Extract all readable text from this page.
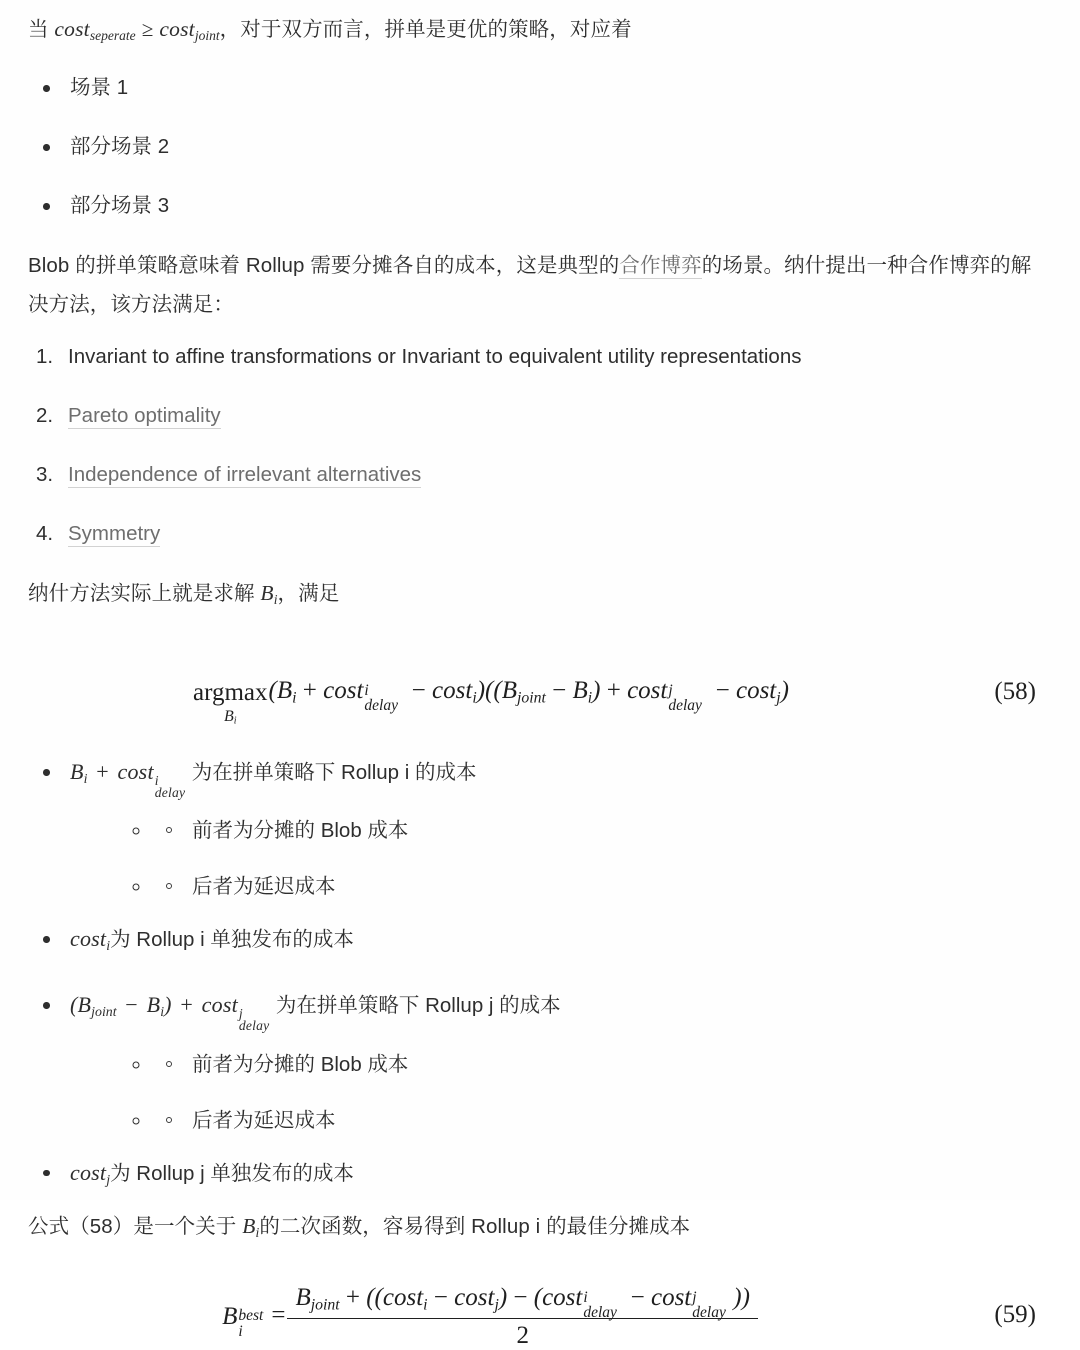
当 cost$_{seperate}$ ≥ cost$_{joint}$，对于双方而言，拼单是更优的策略，对应着

场景 1
部分场景 2
部分场景 3

Blob 的拼单策略意味着 Rollup 需要分摊各自的成本，这是典型的合作博弈的场景。纳什提出一种合作博弈的解决方法，该方法满足：

1. Invariant to affine transformations or Invariant to equivalent utility representations
2. Pareto optimality
3. Independence of irrelevant alternatives
4. Symmetry

纳什方法实际上就是求解 $B_i$，满足

argmax
$B_i$
($B_i + \cos t$ i
delay
− $\cos t_i)((B_{joint} - B_i) + \cos t$ j
delay
− cost$_j$)	(58)
$B_i + \cos t$ i
delay
为在拼单策略下 Rollup i 的成本
◦ 前者为分摊的 Blob 成本
◦ 后者为延迟成本
cost$_i$为 Rollup i 单独发布的成本
$(B_{joint} - B_i) + \cos t$ j
delay
为在拼单策略下 Rollup j 的成本
◦ 前者为分摊的 Blob 成本
◦ 后者为延迟成本
cost$_j$为 Rollup j 单独发布的成本

公式（58）是一个关于 $B_i$的二次函数，容易得到 Rollup i 的最佳分摊成本

B best
i
= $B_{joint} + ((\cos t_i - \cos t_j) - (\cos t$ i
delay
− cost j
delay
))
2	(59)
